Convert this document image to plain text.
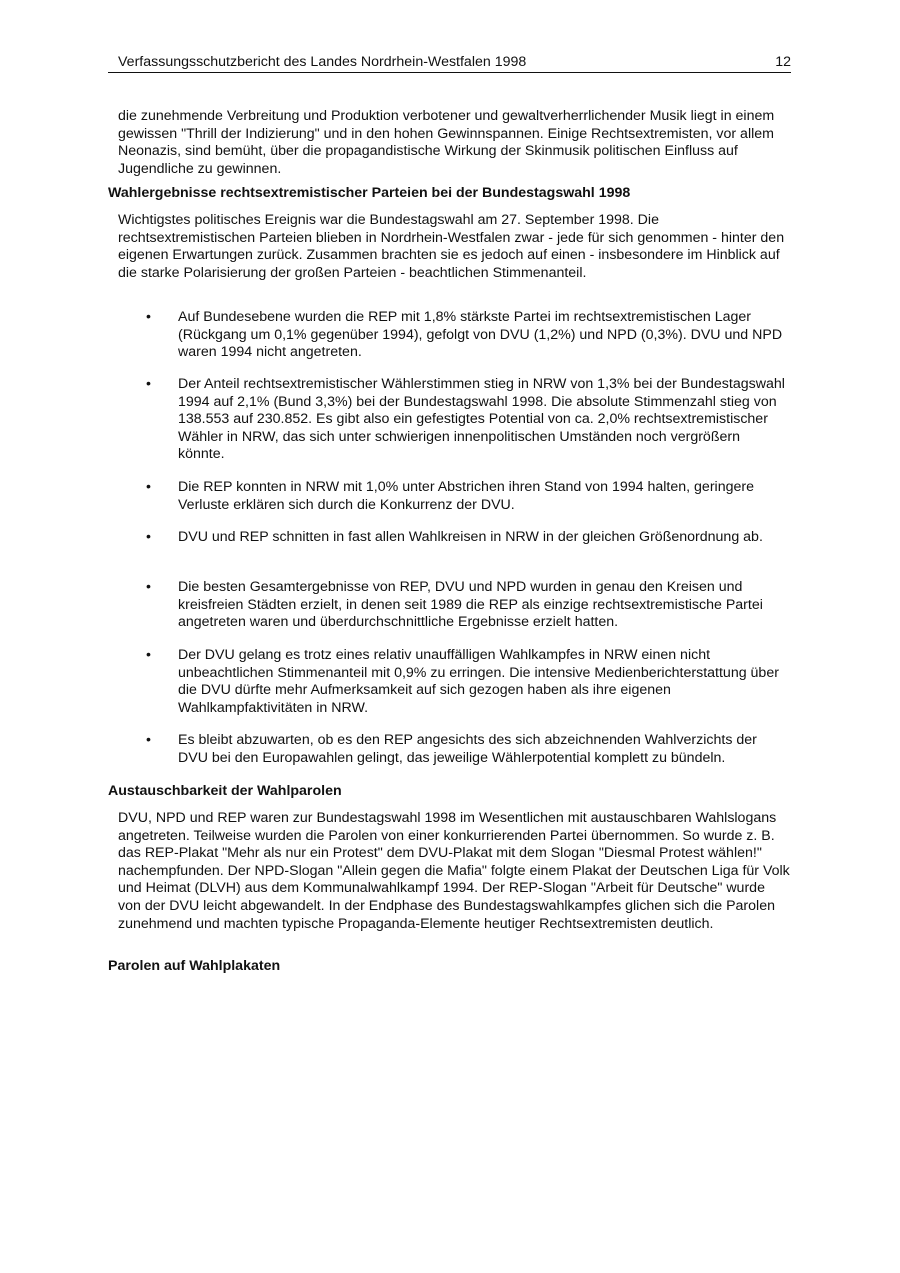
Verfassungsschutzbericht des Landes Nordrhein-Westfalen 1998	12

die zunehmende Verbreitung und Produktion verbotener und gewaltverherrlichender Musik liegt in einem gewissen "Thrill der Indizierung" und in den hohen Gewinnspannen. Einige Rechtsextremisten, vor allem Neonazis, sind bemüht, über die propagandistische Wirkung der Skinmusik politischen Einfluss auf Jugendliche zu gewinnen.

Wahlergebnisse rechtsextremistischer Parteien bei der Bundestagswahl 1998

Wichtigstes politisches Ereignis war die Bundestagswahl am 27. September 1998. Die rechtsextremistischen Parteien blieben in Nordrhein-Westfalen zwar - jede für sich genommen - hinter den eigenen Erwartungen zurück. Zusammen brachten sie es jedoch auf einen - insbesondere im Hinblick auf die starke Polarisierung der großen Parteien - beachtlichen Stimmenanteil.

•	Auf Bundesebene wurden die REP mit 1,8% stärkste Partei im rechtsextremistischen Lager (Rückgang um 0,1% gegenüber 1994), gefolgt von DVU (1,2%) und NPD (0,3%). DVU und NPD waren 1994 nicht angetreten.
•	Der Anteil rechtsextremistischer Wählerstimmen stieg in NRW von 1,3% bei der Bundestagswahl 1994 auf 2,1% (Bund 3,3%) bei der Bundestagswahl 1998. Die absolute Stimmenzahl stieg von 138.553 auf 230.852. Es gibt also ein gefestigtes Potential von ca. 2,0% rechtsextremistischer Wähler in NRW, das sich unter schwierigen innenpolitischen Umständen noch vergrößern könnte.
•	Die REP konnten in NRW mit 1,0% unter Abstrichen ihren Stand von 1994 halten, geringere Verluste erklären sich durch die Konkurrenz der DVU.
•	DVU und REP schnitten in fast allen Wahlkreisen in NRW in der gleichen Größenordnung ab.
•	Die besten Gesamtergebnisse von REP, DVU und NPD wurden in genau den Kreisen und kreisfreien Städten erzielt, in denen seit 1989 die REP als einzige rechtsextremistische Partei angetreten waren und überdurchschnittliche Ergebnisse erzielt hatten.
•	Der DVU gelang es trotz eines relativ unauffälligen Wahlkampfes in NRW einen nicht unbeachtlichen Stimmenanteil mit 0,9% zu erringen. Die intensive Medienberichterstattung über die DVU dürfte mehr Aufmerksamkeit auf sich gezogen haben als ihre eigenen Wahlkampfaktivitäten in NRW.
•	Es bleibt abzuwarten, ob es den REP angesichts des sich abzeichnenden Wahlverzichts der DVU bei den Europawahlen gelingt, das jeweilige Wählerpotential komplett zu bündeln.
Austauschbarkeit der Wahlparolen

DVU, NPD und REP waren zur Bundestagswahl 1998 im Wesentlichen mit austauschbaren Wahlslogans angetreten. Teilweise wurden die Parolen von einer konkurrierenden Partei übernommen. So wurde z. B. das REP-Plakat "Mehr als nur ein Protest" dem DVU-Plakat mit dem Slogan "Diesmal Protest wählen!" nachempfunden. Der NPD-Slogan "Allein gegen die Mafia" folgte einem Plakat der Deutschen Liga für Volk und Heimat (DLVH) aus dem Kommunalwahlkampf 1994. Der REP-Slogan "Arbeit für Deutsche" wurde von der DVU leicht abgewandelt. In der Endphase des Bundestagswahlkampfes glichen sich die Parolen zunehmend und machten typische Propaganda-Elemente heutiger Rechtsextremisten deutlich.

Parolen auf Wahlplakaten
